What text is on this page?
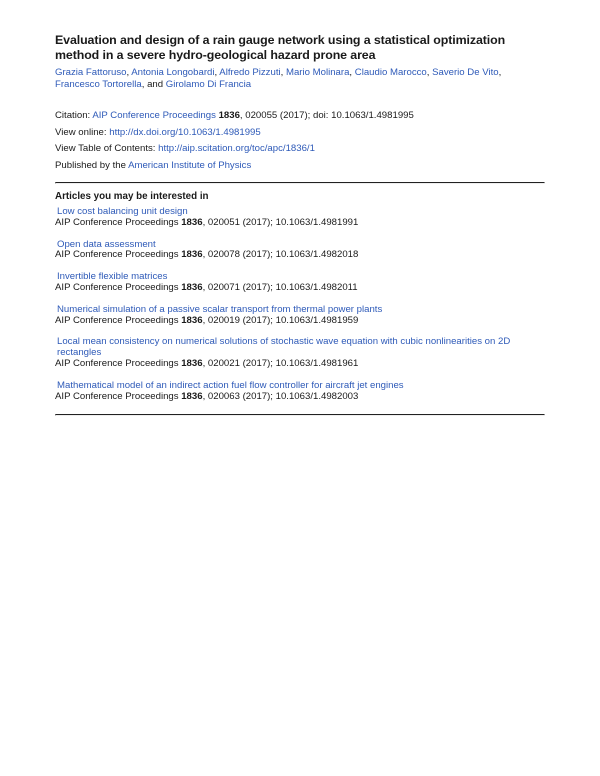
Evaluation and design of a rain gauge network using a statistical optimization method in a severe hydro-geological hazard prone area
Grazia Fattoruso, Antonia Longobardi, Alfredo Pizzuti, Mario Molinara, Claudio Marocco, Saverio De Vito,
Francesco Tortorella, and Girolamo Di Francia
Citation: AIP Conference Proceedings 1836, 020055 (2017); doi: 10.1063/1.4981995
View online: http://dx.doi.org/10.1063/1.4981995
View Table of Contents: http://aip.scitation.org/toc/apc/1836/1
Published by the American Institute of Physics
Articles you may be interested in
Low cost balancing unit design
AIP Conference Proceedings 1836, 020051 (2017); 10.1063/1.4981991
Open data assessment
AIP Conference Proceedings 1836, 020078 (2017); 10.1063/1.4982018
Invertible flexible matrices
AIP Conference Proceedings 1836, 020071 (2017); 10.1063/1.4982011
Numerical simulation of a passive scalar transport from thermal power plants
AIP Conference Proceedings 1836, 020019 (2017); 10.1063/1.4981959
Local mean consistency on numerical solutions of stochastic wave equation with cubic nonlinearities on 2D rectangles
AIP Conference Proceedings 1836, 020021 (2017); 10.1063/1.4981961
Mathematical model of an indirect action fuel flow controller for aircraft jet engines
AIP Conference Proceedings 1836, 020063 (2017); 10.1063/1.4982003
